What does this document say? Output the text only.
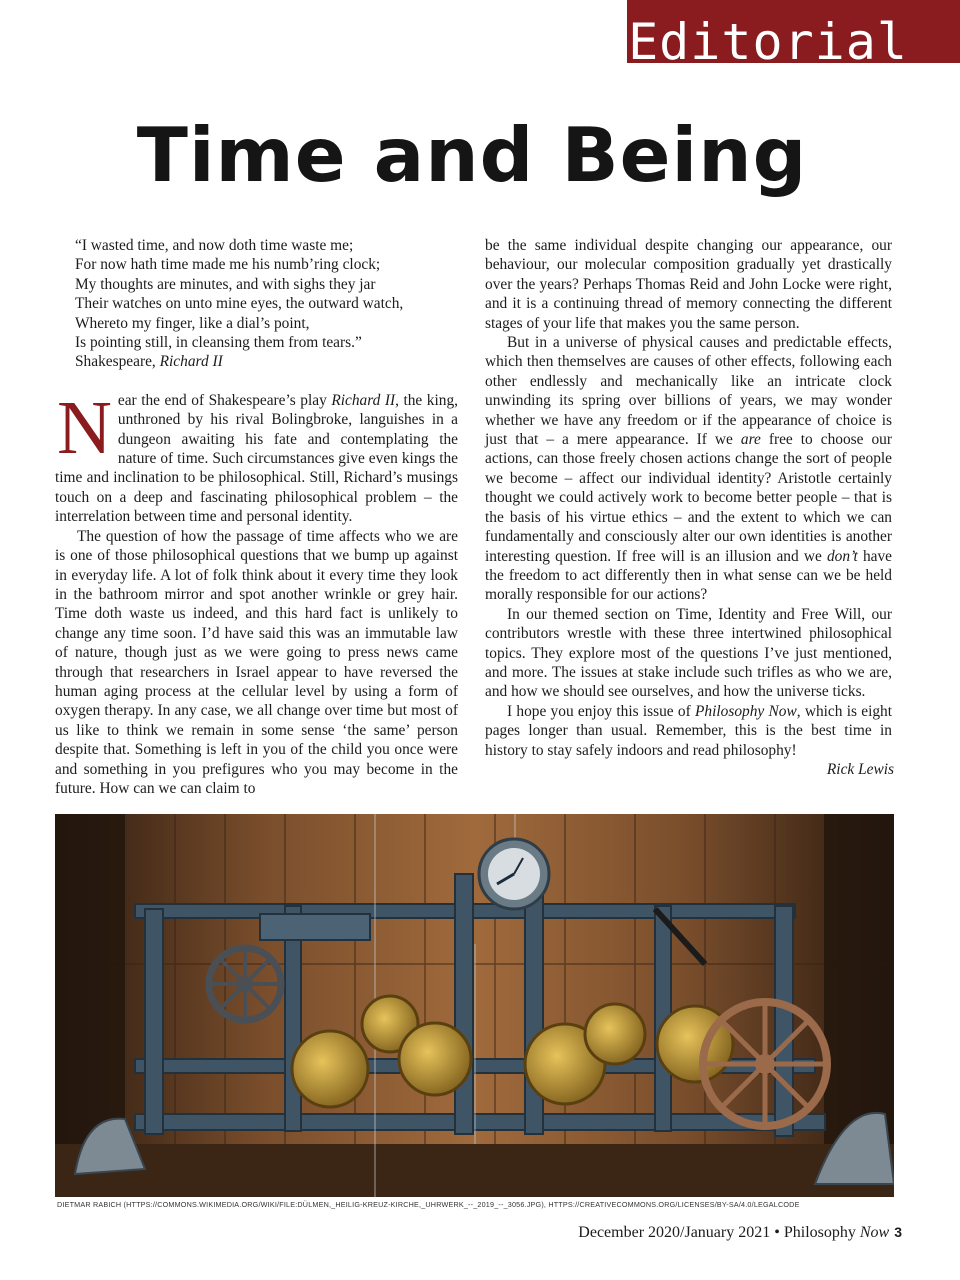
Editorial
Time and Being
“I wasted time, and now doth time waste me;
For now hath time made me his numb’ring clock;
My thoughts are minutes, and with sighs they jar
Their watches on unto mine eyes, the outward watch,
Whereto my finger, like a dial’s point,
Is pointing still, in cleansing them from tears.”
Shakespeare, Richard II

Near the end of Shakespeare’s play Richard II, the king, unthroned by his rival Bolingbroke, languishes in a dungeon awaiting his fate and contemplating the nature of time. Such circumstances give even kings the time and inclination to be philosophical. Still, Richard’s musings touch on a deep and fascinating philosophical problem – the interrelation between time and personal identity.

The question of how the passage of time affects who we are is one of those philosophical questions that we bump up against in everyday life. A lot of folk think about it every time they look in the bathroom mirror and spot another wrinkle or grey hair. Time doth waste us indeed, and this hard fact is unlikely to change any time soon. I’d have said this was an immutable law of nature, though just as we were going to press news came through that researchers in Israel appear to have reversed the human aging process at the cellular level by using a form of oxygen therapy. In any case, we all change over time but most of us like to think we remain in some sense ‘the same’ person despite that. Something is left in you of the child you once were and something in you prefigures who you may become in the future. How can we can claim to

be the same individual despite changing our appearance, our behaviour, our molecular composition gradually yet drastically over the years? Perhaps Thomas Reid and John Locke were right, and it is a continuing thread of memory connecting the different stages of your life that makes you the same person.

But in a universe of physical causes and predictable effects, which then themselves are causes of other effects, following each other endlessly and mechanically like an intricate clock unwinding its spring over billions of years, we may wonder whether we have any freedom or if the appearance of choice is just that – a mere appearance. If we are free to choose our actions, can those freely chosen actions change the sort of people we become – affect our individual identity? Aristotle certainly thought we could actively work to become better people – that is the basis of his virtue ethics – and the extent to which we can fundamentally and consciously alter our own identities is another interesting question. If free will is an illusion and we don’t have the freedom to act differently then in what sense can we be held morally responsible for our actions?

In our themed section on Time, Identity and Free Will, our contributors wrestle with these three intertwined philosophical topics. They explore most of the questions I’ve just mentioned, and more. The issues at stake include such trifles as who we are, and how we should see ourselves, and how the universe ticks.

I hope you enjoy this issue of Philosophy Now, which is eight pages longer than usual. Remember, this is the best time in history to stay safely indoors and read philosophy!

Rick Lewis
DIETMAR RABICH (HTTPS://COMMONS.WIKIMEDIA.ORG/WIKI/FILE:DÜLMEN,_HEILIG-KREUZ-KIRCHE,_UHRWERK_--_2019_--_3056.JPG), HTTPS://CREATIVECOMMONS.ORG/LICENSES/BY-SA/4.0/LEGALCODE
December 2020/January 2021 • Philosophy Now 3
